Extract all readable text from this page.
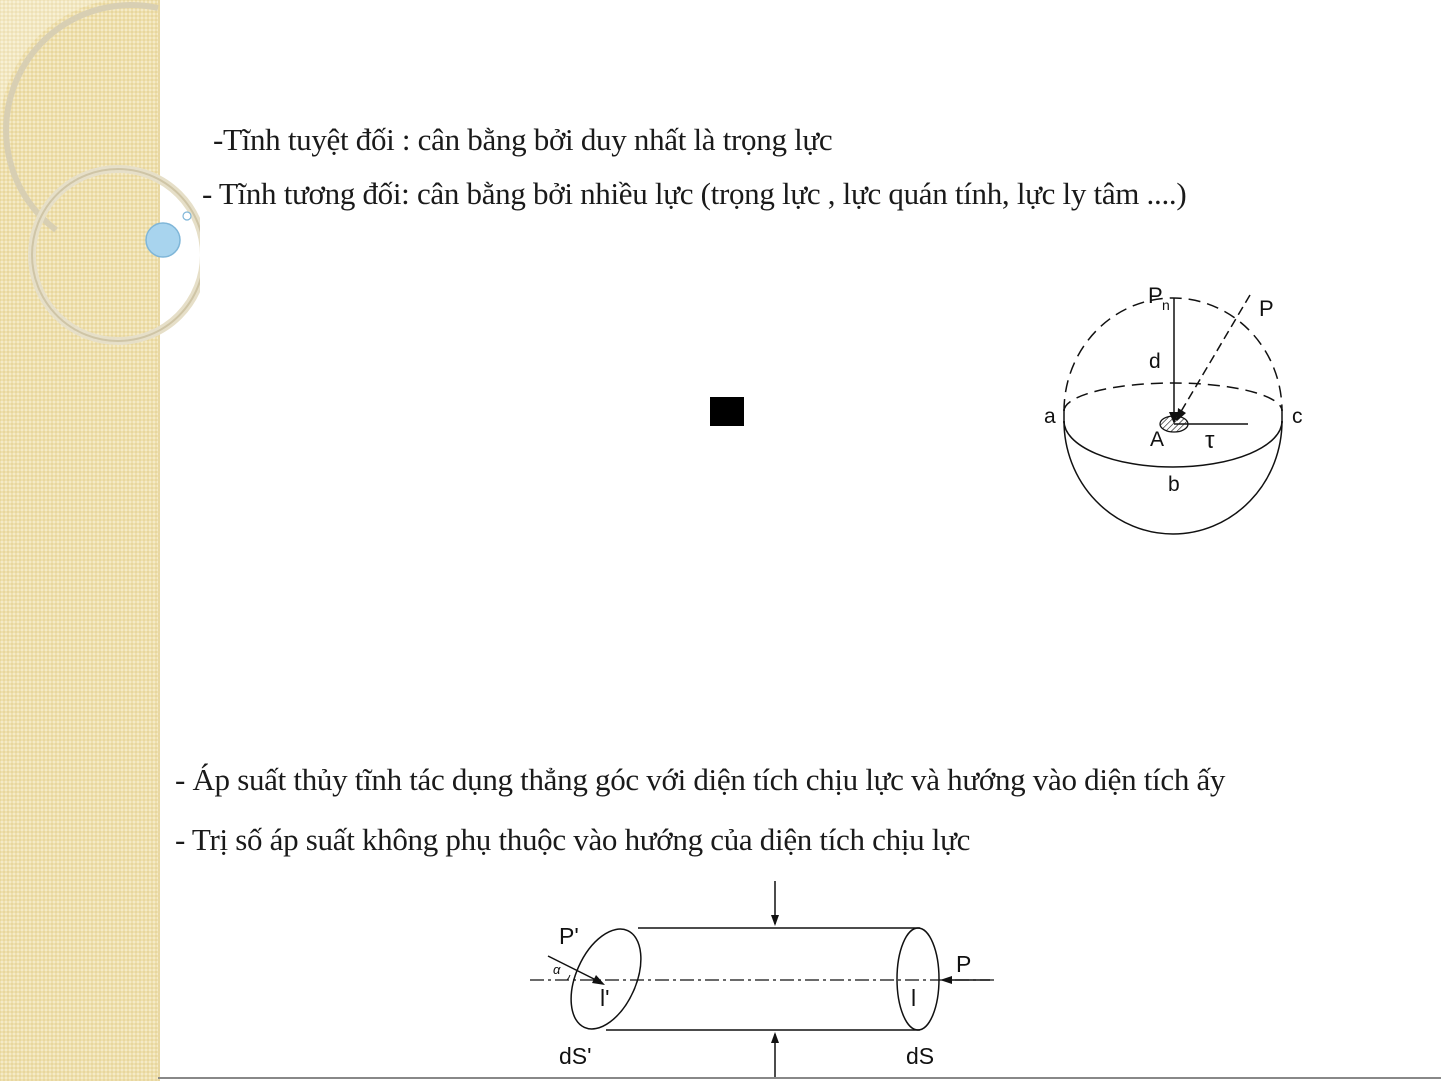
-Tĩnh tuyệt đối : cân bằng bởi duy nhất là trọng lực

- Tĩnh tương đối: cân bằng bởi nhiều lực (trọng lực , lực quán tính, lực ly tâm ....)

P n	P
d
a	c
A τ
b

- Áp suất thủy tĩnh tác dụng thẳng góc với diện tích chịu lực và hướng vào diện tích ấy

- Trị số áp suất không phụ thuộc vào hướng của diện tích chịu lực

P'
α
l'	l
P
dS'	dS
